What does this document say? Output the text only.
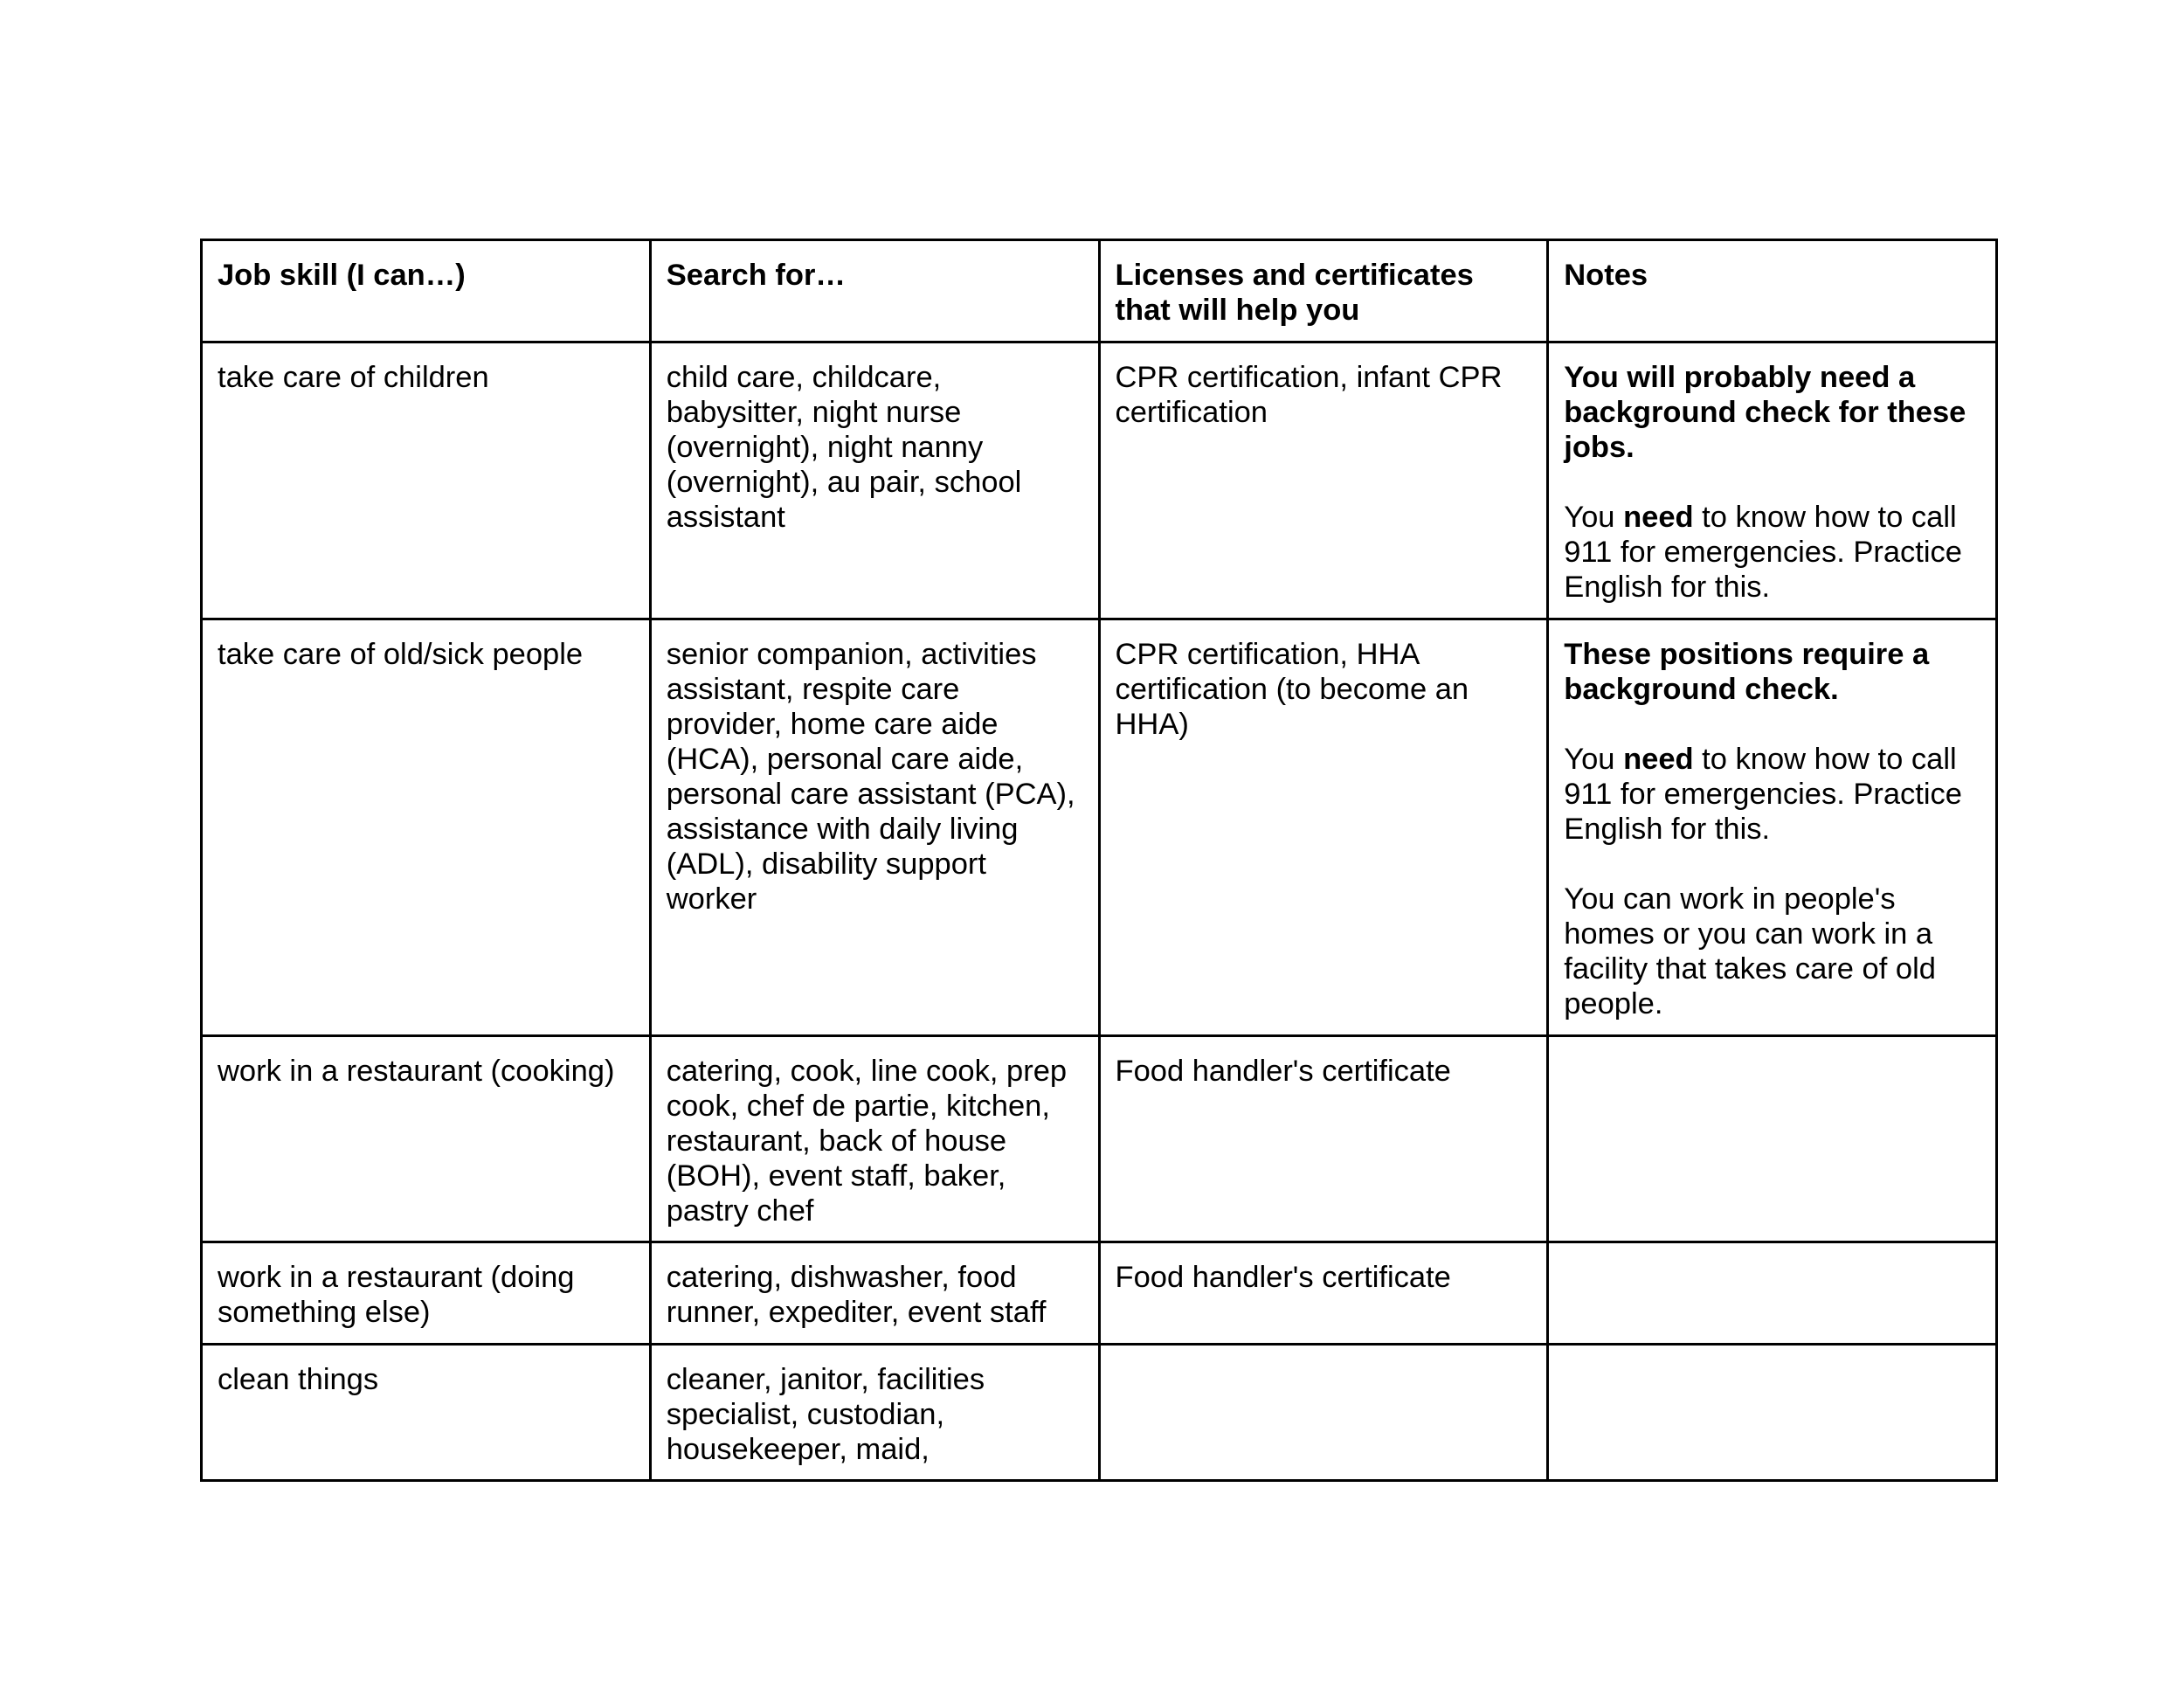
Job skill (I can…)	Search for…	Licenses and certificates that will help you	Notes
take care of children	child care, childcare, babysitter, night nurse (overnight), night nanny (overnight), au pair, school assistant	CPR certification, infant CPR certification	You will probably need a background check for these jobs.

You need to know how to call 911 for emergencies. Practice English for this.

take care of old/sick people	senior companion, activities assistant, respite care provider, home care aide (HCA), personal care aide, personal care assistant (PCA), assistance with daily living (ADL), disability support worker	CPR certification, HHA certification (to become an HHA)	These positions require a background check.

You need to know how to call 911 for emergencies. Practice English for this.

You can work in people's homes or you can work in a facility that takes care of old people.

work in a restaurant (cooking)	catering, cook, line cook, prep cook, chef de partie, kitchen, restaurant, back of house (BOH), event staff, baker, pastry chef	Food handler's certificate	
work in a restaurant (doing something else)	catering, dishwasher, food runner, expediter, event staff	Food handler's certificate	
clean things	cleaner, janitor, facilities specialist, custodian, housekeeper, maid,		
